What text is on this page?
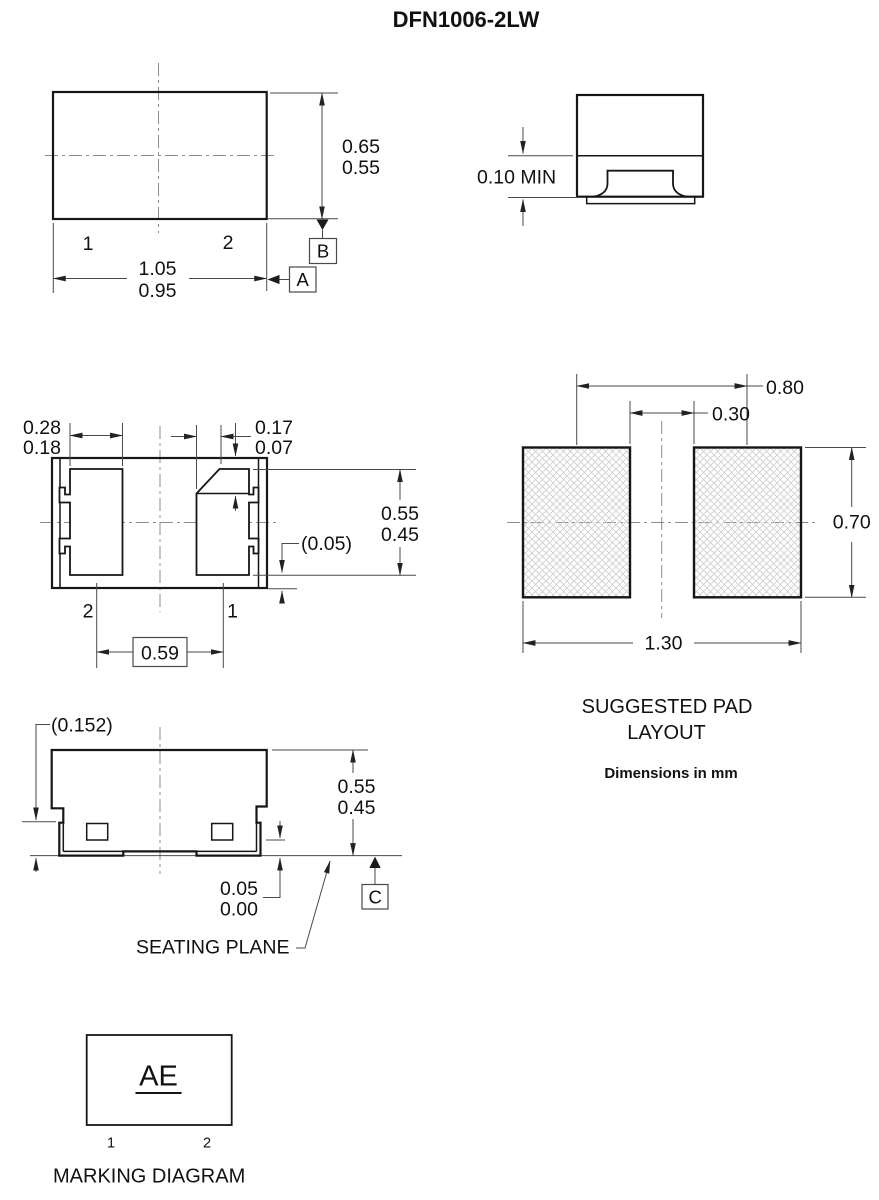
DFN1006-2LW
0.65
0.55
1.05
0.95
1	2	B
A
0.10 MIN
0.28
0.18
0.17
0.07
0.55
0.45
(0.05)
0.59
2	1
0.80
0.30
0.70
1.30
SUGGESTED PAD
LAYOUT
Dimensions in mm
(0.152)
0.55
0.45
0.05
0.00
C
SEATING PLANE
AE
1	2
MARKING DIAGRAM
